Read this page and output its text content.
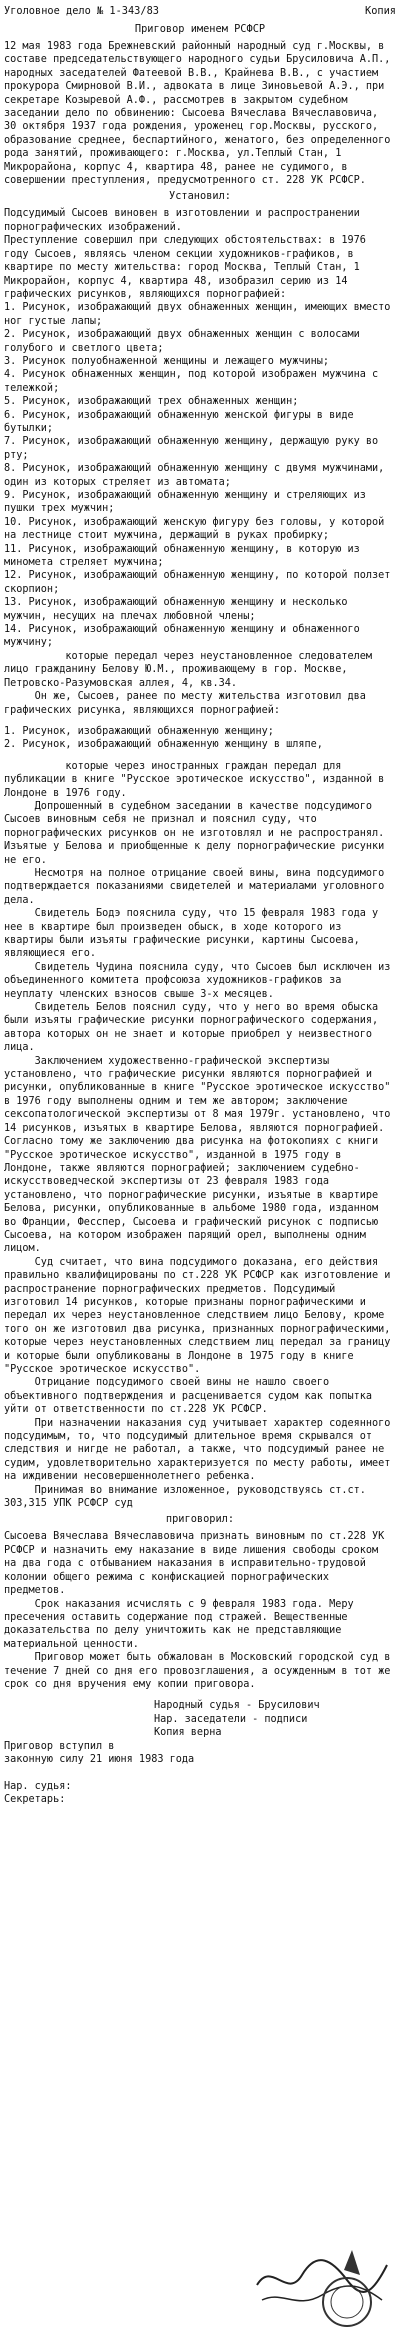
Уголовное дело № 1-343/83	Копия
Приговор именем РСФСР

12 мая 1983 года Брежневский районный народный суд г.Москвы, в составе председательствующего народного судьи Брусиловича А.П., народных заседателей Фатеевой В.В., Крайнева В.В., с участием прокурора Смирновой В.И., адвоката в лице Зиновьевой А.Э., при секретаре Козыревой А.Ф., рассмотрев в закрытом судебном заседании дело по обвинению: Сысоева Вячеслава Вячеславовича, 30 октября 1937 года рождения, уроженец гор.Москвы, русского, образование среднее, беспартийного, женатого, без определенного рода занятий, проживающего: г.Москва, ул.Теплый Стан, 1 Микрорайона, корпус 4, квартира 48, ранее не судимого, в совершении преступления, предусмотренного ст. 228 УК РСФСР.

Установил:

Подсудимый Сысоев виновен в изготовлении и распространении порнографических изображений.

Преступление совершил при следующих обстоятельствах: в 1976 году Сысоев, являясь членом секции художников-графиков, в квартире по месту жительства: город Москва, Теплый Стан, 1 Микрорайон, корпус 4, квартира 48, изобразил серию из 14 графических рисунков, являющихся порнографией:

1. Рисунок, изображающий двух обнаженных женщин, имеющих вместо ног густые лапы;
2. Рисунок, изображающий двух обнаженных женщин с волосами голубого и светлого цвета;
3. Рисунок полуобнаженной женщины и лежащего мужчины;
4. Рисунок обнаженных женщин, под которой изображен мужчина с тележкой;
5. Рисунок, изображающий трех обнаженных женщин;
6. Рисунок, изображающий обнаженную женской фигуры в виде бутылки;
7. Рисунок, изображающий обнаженную женщину, держащую руку во рту;
8. Рисунок, изображающий обнаженную женщину с двумя мужчинами, один из которых стреляет из автомата;
9. Рисунок, изображающий обнаженную женщину и стреляющих из пушки трех мужчин;
10. Рисунок, изображающий женскую фигуру без головы, у которой на лестнице стоит мужчина, держащий в руках пробирку;
11. Рисунок, изображающий обнаженную женщину, в которую из миномета стреляет мужчина;
12. Рисунок, изображающий обнаженную женщину, по которой ползет скорпион;
13. Рисунок, изображающий обнаженную женщину и несколько мужчин, несущих на плечах любовной члены;
14. Рисунок, изображающий обнаженную женщину и обнаженного мужчину;

которые передал через неустановленное следователем лицо гражданину Белову Ю.М., проживающему в гор. Москве, Петровско-Разумовская аллея, 4, кв.34.

Он же, Сысоев, ранее по месту жительства изготовил два графических рисунка, являющихся порнографией:

1. Рисунок, изображающий обнаженную женщину;
2. Рисунок, изображающий обнаженную женщину в шляпе,

которые через иностранных граждан передал для публикации в книге "Русское эротическое искусство", изданной в Лондоне в 1976 году.

Допрошенный в судебном заседании в качестве подсудимого Сысоев виновным себя не признал и пояснил суду, что порнографических рисунков он не изготовлял и не распространял. Изъятые у Белова и приобщенные к делу порнографические рисунки не его.

Несмотря на полное отрицание своей вины, вина подсудимого подтверждается показаниями свидетелей и материалами уголовного дела.

Свидетель Бодэ пояснила суду, что 15 февраля 1983 года у нее в квартире был произведен обыск, в ходе которого из квартиры были изъяты графические рисунки, картины Сысоева, являющиеся его.

Свидетель Чудина пояснила суду, что Сысоев был исключен из объединенного комитета профсоюза художников-графиков за неуплату членских взносов свыше 3-х месяцев.

Свидетель Белов пояснил суду, что у него во время обыска были изъяты графические рисунки порнографического содержания, автора которых он не знает и которые приобрел у неизвестного лица.

Заключением художественно-графической экспертизы установлено, что графические рисунки являются порнографией и рисунки, опубликованные в книге "Русское эротическое искусство" в 1976 году выполнены одним и тем же автором; заключение сексопатологической экспертизы от 8 мая 1979г. установлено, что 14 рисунков, изъятых в квартире Белова, являются порнографией. Согласно тому же заключению два рисунка на фотокопиях с книги "Русское эротическое искусство", изданной в 1975 году в Лондоне, также являются порнографией; заключением судебно-искусствоведческой экспертизы от 23 февраля 1983 года установлено, что порнографические рисунки, изъятые в квартире Белова, рисунки, опубликованные в альбоме 1980 года, изданном во Франции, Фесспер, Сысоева и графический рисунок с подписью Сысоева, на котором изображен парящий орел, выполнены одним лицом.

Суд считает, что вина подсудимого доказана, его действия правильно квалифицированы по ст.228 УК РСФСР как изготовление и распространение порнографических предметов. Подсудимый изготовил 14 рисунков, которые признаны порнографическими и передал их через неустановленное следствием лицо Белову, кроме того он же изготовил два рисунка, признанных порнографическими, которые через неустановленных следствием лиц передал за границу и которые были опубликованы в Лондоне в 1975 году в книге "Русское эротическое искусство".

Отрицание подсудимого своей вины не нашло своего объективного подтверждения и расценивается судом как попытка уйти от ответственности по ст.228 УК РСФСР.

При назначении наказания суд учитывает характер содеянного подсудимым, то, что подсудимый длительное время скрывался от следствия и нигде не работал, а также, что подсудимый ранее не судим, удовлетворительно характеризуется по месту работы, имеет на иждивении несовершеннолетнего ребенка.

Принимая во внимание изложенное, руководствуясь ст.ст. 303,315 УПК РСФСР суд

приговорил:

Сысоева Вячеслава Вячеславовича признать виновным по ст.228 УК РСФСР и назначить ему наказание в виде лишения свободы сроком на два года с отбыванием наказания в исправительно-трудовой колонии общего режима с конфискацией порнографических предметов.

Срок наказания исчислять с 9 февраля 1983 года. Меру пресечения оставить содержание под стражей. Вещественные доказательства по делу уничтожить как не представляющие материальной ценности.

Приговор может быть обжалован в Московский городской суд в течение 7 дней со дня его провозглашения, а осужденным в тот же срок со дня вручения ему копии приговора.

Народный судья - Брусилович
Нар. заседатели - подписи
Копия верна
Приговор вступил в
законную силу 21 июня 1983 года

Нар. судья:
Секретарь:
